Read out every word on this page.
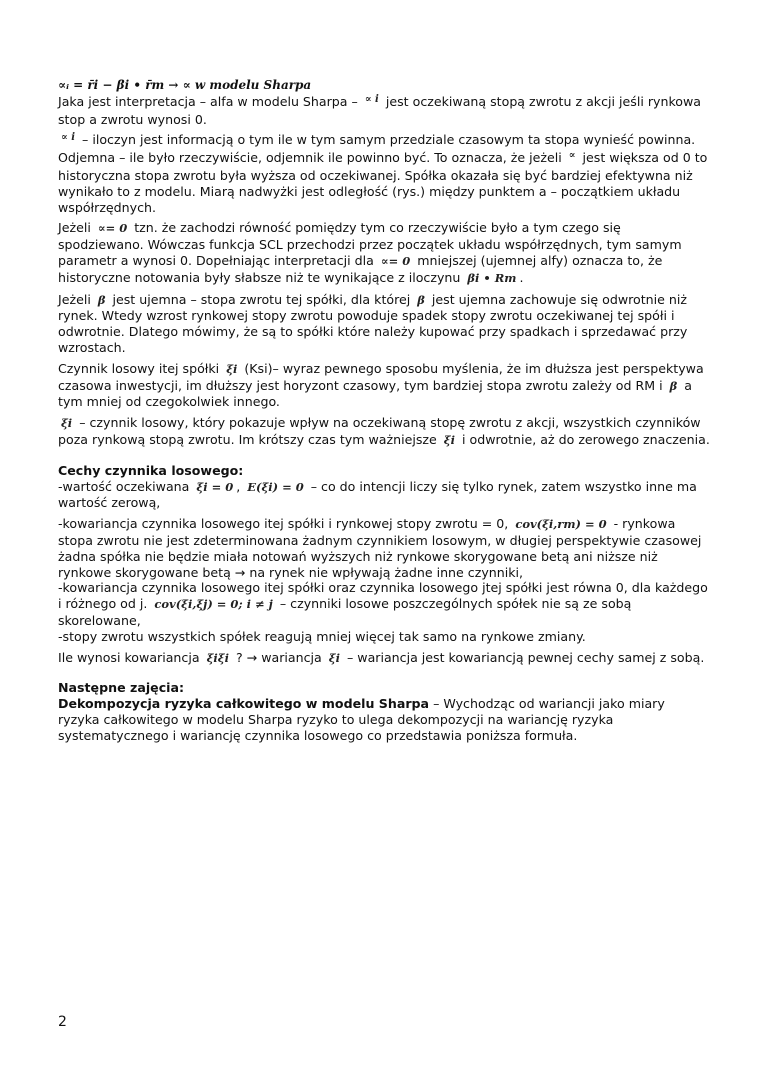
∝ᵢ = r̄i − βi • r̄m → ∝ w modelu Sharpa

Jaka jest interpretacja – alfa w modelu Sharpa – $^{\propto i}$ jest oczekiwaną stopą zwrotu z akcji jeśli rynkowa stop a zwrotu wynosi 0.

$^{\propto i}$ – iloczyn jest informacją o tym ile w tym samym przedziale czasowym ta stopa wynieść powinna. Odjemna – ile było rzeczywiście, odjemnik ile powinno być. To oznacza, że jeżeli ∝ jest większa od 0 to historyczna stopa zwrotu była wyższa od oczekiwanej. Spółka okazała się być bardziej efektywna niż wynikało to z modelu. Miarą nadwyżki jest odległość (rys.) między punktem a – początkiem układu współrzędnych.

Jeżeli ∝= 0 tzn. że zachodzi równość pomiędzy tym co rzeczywiście było a tym czego się spodziewano. Wówczas funkcja SCL przechodzi przez początek układu współrzędnych, tym samym parametr a wynosi 0. Dopełniając interpretacji dla ∝= 0 mniejszej (ujemnej alfy) oznacza to, że historyczne notowania były słabsze niż te wynikające z iloczynu βi • Rm .

Jeżeli β jest ujemna – stopa zwrotu tej spółki, dla której β jest ujemna zachowuje się odwrotnie niż rynek. Wtedy wzrost rynkowej stopy zwrotu powoduje spadek stopy zwrotu oczekiwanej tej spółi i odwrotnie. Dlatego mówimy, że są to spółki które należy kupować przy spadkach i sprzedawać przy wzrostach.

Czynnik losowy itej spółki ξi (Ksi)– wyraz pewnego sposobu myślenia, że im dłuższa jest perspektywa czasowa inwestycji, im dłuższy jest horyzont czasowy, tym bardziej stopa zwrotu zależy od RM i β a tym mniej od czegokolwiek innego.

ξi – czynnik losowy, który pokazuje wpływ na oczekiwaną stopę zwrotu z akcji, wszystkich czynników poza rynkową stopą zwrotu. Im krótszy czas tym ważniejsze ξi i odwrotnie, aż do zerowego znaczenia.

Cechy czynnika losowego:

-wartość oczekiwana ξi = 0 , E(ξi) = 0 – co do intencji liczy się tylko rynek, zatem wszystko inne ma wartość zerową,

-kowariancja czynnika losowego itej spółki i rynkowej stopy zwrotu = 0, cov(ξi,rm) = 0 - rynkowa stopa zwrotu nie jest zdeterminowana żadnym czynnikiem losowym, w długiej perspektywie czasowej żadna spółka nie będzie miała notowań wyższych niż rynkowe skorygowane betą ani niższe niż rynkowe skorygowane betą → na rynek nie wpływają żadne inne czynniki,

-kowariancja czynnika losowego itej spółki oraz czynnika losowego jtej spółki jest równa 0, dla każdego i różnego od j. cov(ξi,ξj) = 0; i ≠ j – czynniki losowe poszczególnych spółek nie są ze sobą skorelowane,

-stopy zwrotu wszystkich spółek reagują mniej więcej tak samo na rynkowe zmiany.

Ile wynosi kowariancja ξiξi ? → wariancja ξi – wariancja jest kowariancją pewnej cechy samej z sobą.

Następne zajęcia:

Dekompozycja ryzyka całkowitego w modelu Sharpa – Wychodząc od wariancji jako miary ryzyka całkowitego w modelu Sharpa ryzyko to ulega dekompozycji na wariancję ryzyka systematycznego i wariancję czynnika losowego co przedstawia poniższa formuła.

2
